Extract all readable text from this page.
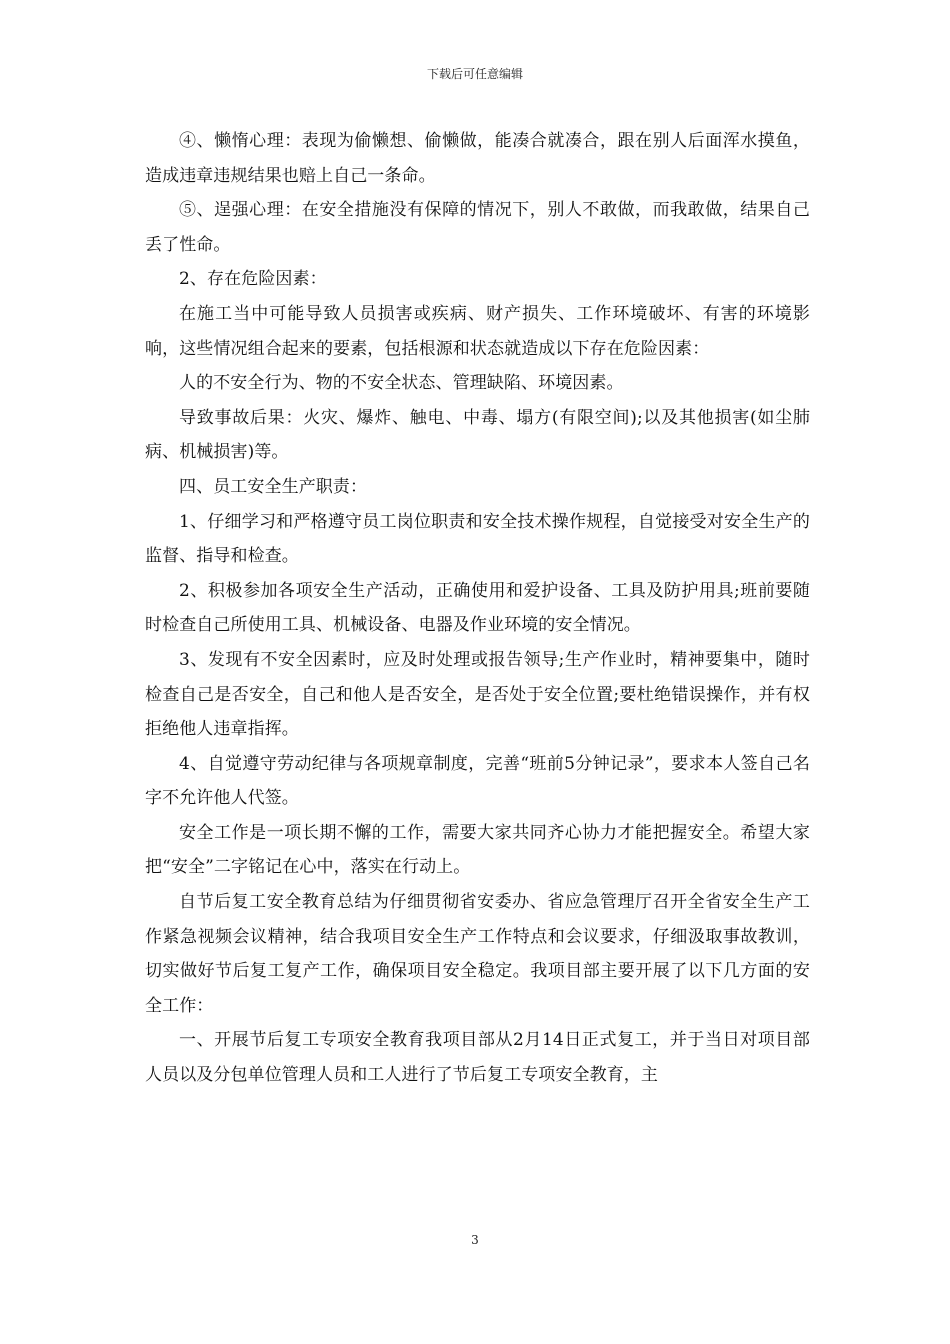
下载后可任意编辑

④、懒惰心理：表现为偷懒想、偷懒做，能凑合就凑合，跟在别人后面浑水摸鱼，造成违章违规结果也赔上自己一条命。

⑤、逞强心理：在安全措施没有保障的情况下，别人不敢做，而我敢做，结果自己丢了性命。

2、存在危险因素：

在施工当中可能导致人员损害或疾病、财产损失、工作环境破坏、有害的环境影响，这些情况组合起来的要素，包括根源和状态就造成以下存在危险因素：

人的不安全行为、物的不安全状态、管理缺陷、环境因素。

导致事故后果：火灾、爆炸、触电、中毒、塌方(有限空间);以及其他损害(如尘肺病、机械损害)等。

四、员工安全生产职责：

1、仔细学习和严格遵守员工岗位职责和安全技术操作规程，自觉接受对安全生产的监督、指导和检查。

2、积极参加各项安全生产活动，正确使用和爱护设备、工具及防护用具;班前要随时检查自己所使用工具、机械设备、电器及作业环境的安全情况。

3、发现有不安全因素时，应及时处理或报告领导;生产作业时，精神要集中，随时检查自己是否安全，自己和他人是否安全，是否处于安全位置;要杜绝错误操作，并有权拒绝他人违章指挥。

4、自觉遵守劳动纪律与各项规章制度，完善“班前5分钟记录”，要求本人签自己名字不允许他人代签。

安全工作是一项长期不懈的工作，需要大家共同齐心协力才能把握安全。希望大家把“安全”二字铭记在心中，落实在行动上。

自节后复工安全教育总结为仔细贯彻省安委办、省应急管理厅召开全省安全生产工作紧急视频会议精神，结合我项目安全生产工作特点和会议要求，仔细汲取事故教训，切实做好节后复工复产工作，确保项目安全稳定。我项目部主要开展了以下几方面的安全工作：

一、开展节后复工专项安全教育我项目部从2月14日正式复工，并于当日对项目部人员以及分包单位管理人员和工人进行了节后复工专项安全教育，主

3
